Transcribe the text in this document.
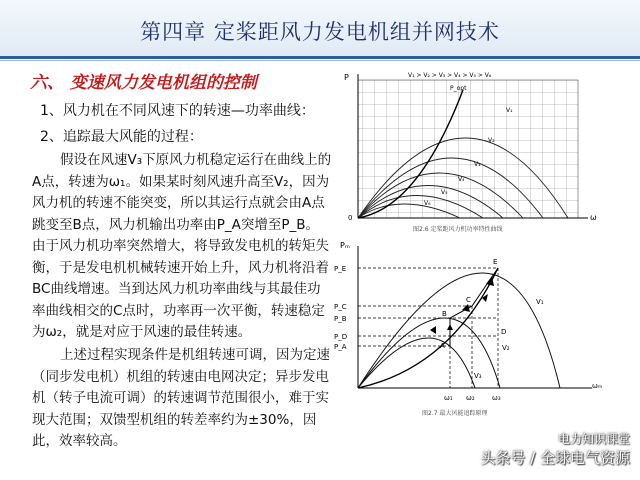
第四章 定桨距风力发电机组并网技术
六、 变速风力发电机组的控制
1、风力机在不同风速下的转速—功率曲线：
2、追踪最大风能的过程：

假设在风速V₃下原风力机稳定运行在曲线上的A点，转速为ω₁。如果某时刻风速升高至V₂，因为风力机的转速不能突变，所以其运行点就会由A点跳变至B点，风力机输出功率由P_A突增至P_B。由于风力机功率突然增大，将导致发电机的转矩失衡，于是发电机机械转速开始上升，风力机将沿着BC曲线增速。当到达风力机功率曲线与其最佳功率曲线相交的C点时，功率再一次平衡，转速稳定为ω₂，就是对应于风速的最佳转速。

上述过程实现条件是机组转速可调，因为定速（同步发电机）机组的转速由电网决定；异步发电机（转子电流可调）的转速调节范围很小，难于实现大范围；双馈型机组的转差率约为±30%，因此，效率较高。

P
ω
0
V₁ > V₂ > V₃ > V₄ > V₅ > V₆
P_opt
V₁
V₂
V₃
V₄
V₅
V₆
图2.6 定桨距风力机功率特性曲线
Pₘ
ωₘ
P_E
P_C
P_B
P_D
P_A
ω₁ ω₂ ω₃
E
C
B
D
A
V₁
V₂
V₃
图2.7 最大风能追踪原理
电力知识课堂
头条号 / 全球电气资源
